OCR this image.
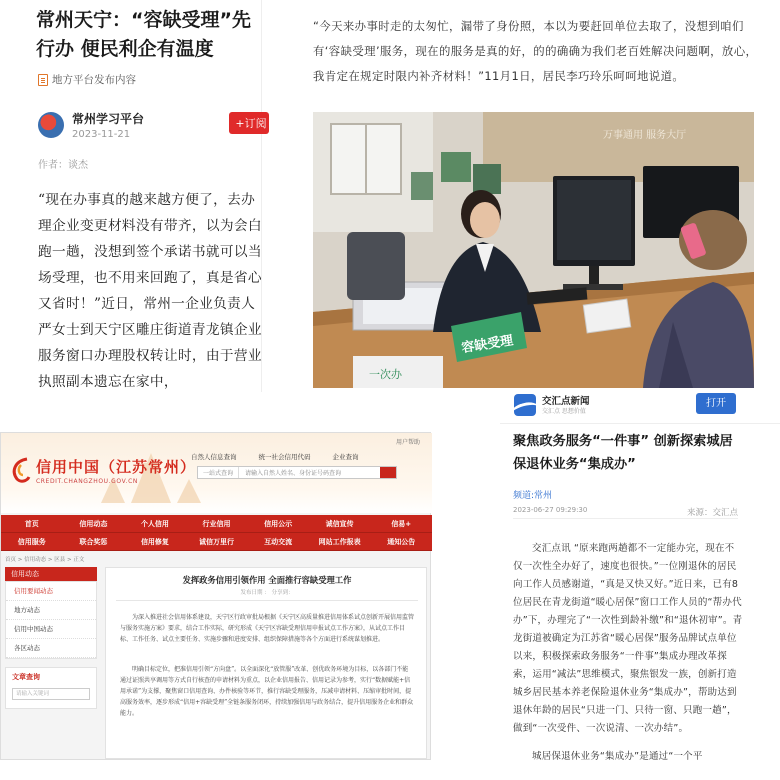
常州天宁：“容缺受理”先行办 便民利企有温度
地方平台发布内容
常州学习平台
2023-11-21
+订阅
作者：谈杰
“现在办事真的越来越方便了，去办理企业变更材料没有带齐，以为会白跑一趟，没想到签个承诺书就可以当场受理，也不用来回跑了，真是省心又省时！”近日，常州一企业负责人严女士到天宁区雕庄街道青龙镇企业服务窗口办理股权转让时，由于营业执照副本遗忘在家中，
“今天来办事时走的太匆忙，漏带了身份照，本以为要赶回单位去取了，没想到咱们有‘容缺受理’服务，现在的服务是真的好，的的确确为我们老百姓解决问题啊，放心，我肯定在规定时限内补齐材料！”11月1日，居民李巧玲乐呵呵地说道。
万事通用 服务大厅
容缺受理
一次办
用户帮助
信用中国（江苏常州）
CREDIT.CHANGZHOU.GOV.CN
自然人信息查询	统一社会信用代码	企业查询
一站式查询	请输入自然人姓名、身份证号码查询
首页	信用动态	个人信用	行业信用	信用公示	诚信宣传	信易+
信用服务	联合奖惩	信用修复	诚信万里行	互动交流	网站工作报表	通知公告
首页 > 信用动态 > 区县 > 正文
信用动态
信用要闻动态
地方动态
信用中国动态
各区动态
文章查询
请输入关键词
发挥政务信用引领作用 全面推行容缺受理工作
发布日期 ： 分享到：
为深入推进社会信用体系建设，天宁区行政审批局根据《天宁区高质量推进信用体系试点创新开展信用监管与服务实施方案》要求，结合工作实际，研究形成《天宁区容缺受理信用申报试点工作方案》，从试点工作目标、工作任务、试点主要任务、实施步骤和进度安排、组织保障措施等各个方面进行系统谋划推进。
明确目标定位，把准信用引领“方向盘”。以全面深化“放管服”改革、创优政务环境为目标，以各部门不能通过证照共享调用等方式自行核查的申请材料为重点，以企业信用报告、信用记录为参考，实行“数据赋能+信用承诺”为支撑，聚焦窗口信用查询、办件核验等环节，推行容缺受理服务，压减申请材料、压缩审批时间，提高服务效率，逐步形成“信用+容缺受理”全链条服务闭环，持续加强信用与政务结合，提升信用服务企业和群众能力。
交汇点新闻
交汇点 思想价值
打开
聚焦政务服务“一件事” 创新探索城居保退休业务“集成办”
频道:常州
2023-06-27 09:29:30	来源：交汇点

交汇点讯 “原来跑两趟都不一定能办完，现在不仅一次性全办好了，速度也很快。”一位刚退休的居民向工作人员感谢道，“真是又快又好。”近日来，已有8位居民在青龙街道“暖心居保”窗口工作人员的“帮办代办”下，办理完了“一次性到龄补缴”和“退休初审”。青龙街道被确定为江苏省“暖心居保”服务品牌试点单位以来，积极探索政务服务“一件事”集成办理改革探索，运用“减法”思维模式，聚焦银发一族，创新打造城乡居民基本养老保险退休业务“集成办”，帮助达到退休年龄的居民“只进一门、只待一窗、只跑一趟”，做到“一次受件、一次说清、一次办结”。

城居保退休业务“集成办”是通过“一个平
